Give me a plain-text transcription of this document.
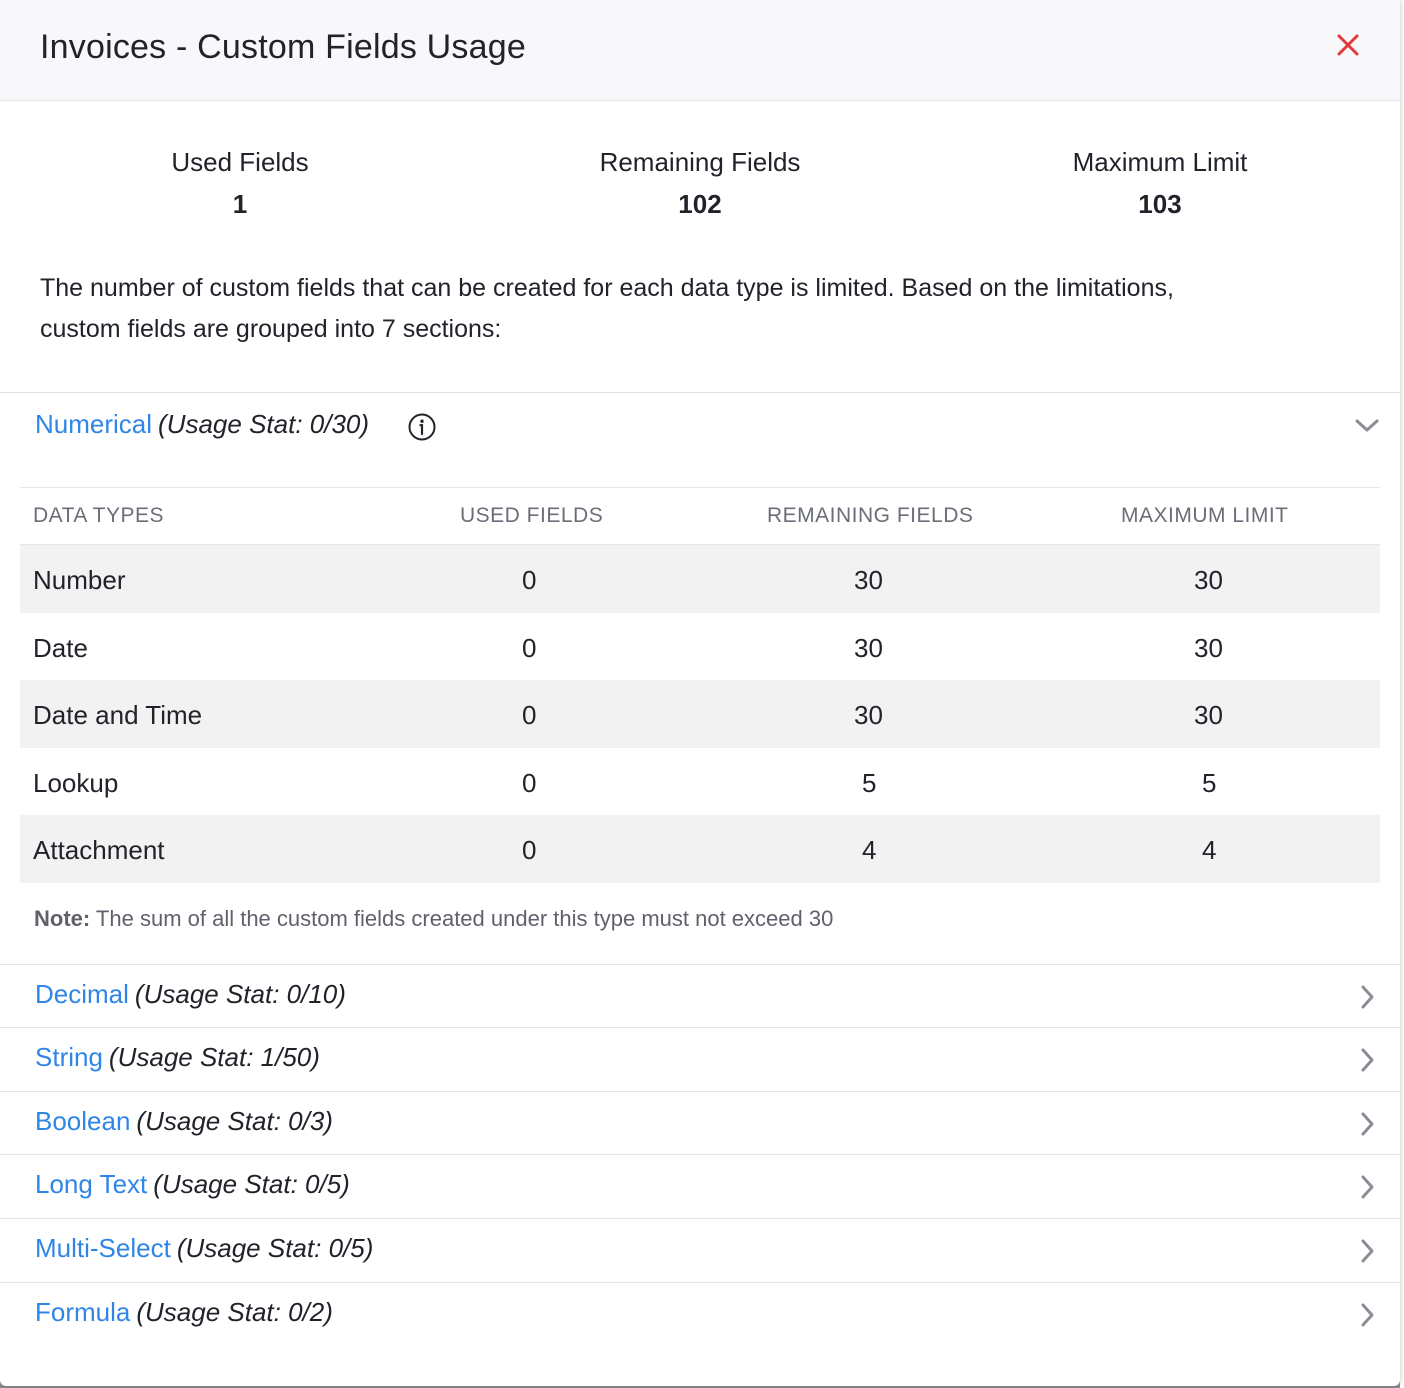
Invoices - Custom Fields Usage
Used Fields
1
Remaining Fields
102
Maximum Limit
103
The number of custom fields that can be created for each data type is limited. Based on the limitations,
custom fields are grouped into 7 sections:
Numerical (Usage Stat: 0/30)
DATA TYPES	USED FIELDS	REMAINING FIELDS	MAXIMUM LIMIT
Number	0	30	30
Date	0	30	30
Date and Time	0	30	30
Lookup	0	5	5
Attachment	0	4	4
Note: The sum of all the custom fields created under this type must not exceed 30
Decimal (Usage Stat: 0/10)
String (Usage Stat: 1/50)
Boolean (Usage Stat: 0/3)
Long Text (Usage Stat: 0/5)
Multi-Select (Usage Stat: 0/5)
Formula (Usage Stat: 0/2)
